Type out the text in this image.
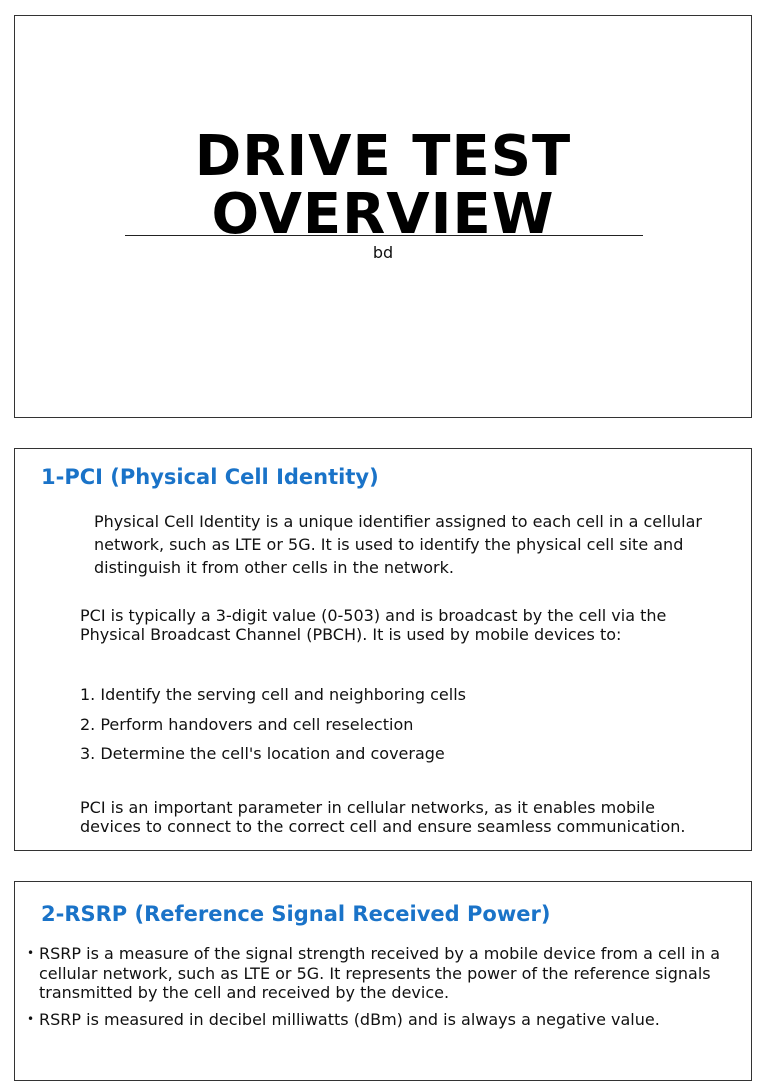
DRIVE TEST
OVERVIEW
bd
1-PCI (Physical Cell Identity)

Physical Cell Identity is a unique identifier assigned to each cell in a cellular network, such as LTE or 5G. It is used to identify the physical cell site and distinguish it from other cells in the network.

PCI is typically a 3-digit value (0-503) and is broadcast by the cell via the Physical Broadcast Channel (PBCH). It is used by mobile devices to:

1. Identify the serving cell and neighboring cells
2. Perform handovers and cell reselection
3. Determine the cell's location and coverage

PCI is an important parameter in cellular networks, as it enables mobile devices to connect to the correct cell and ensure seamless communication.

2-RSRP (Reference Signal Received Power)
• RSRP is a measure of the signal strength received by a mobile device from a cell in a cellular network, such as LTE or 5G. It represents the power of the reference signals transmitted by the cell and received by the device.
• RSRP is measured in decibel milliwatts (dBm) and is always a negative value.
